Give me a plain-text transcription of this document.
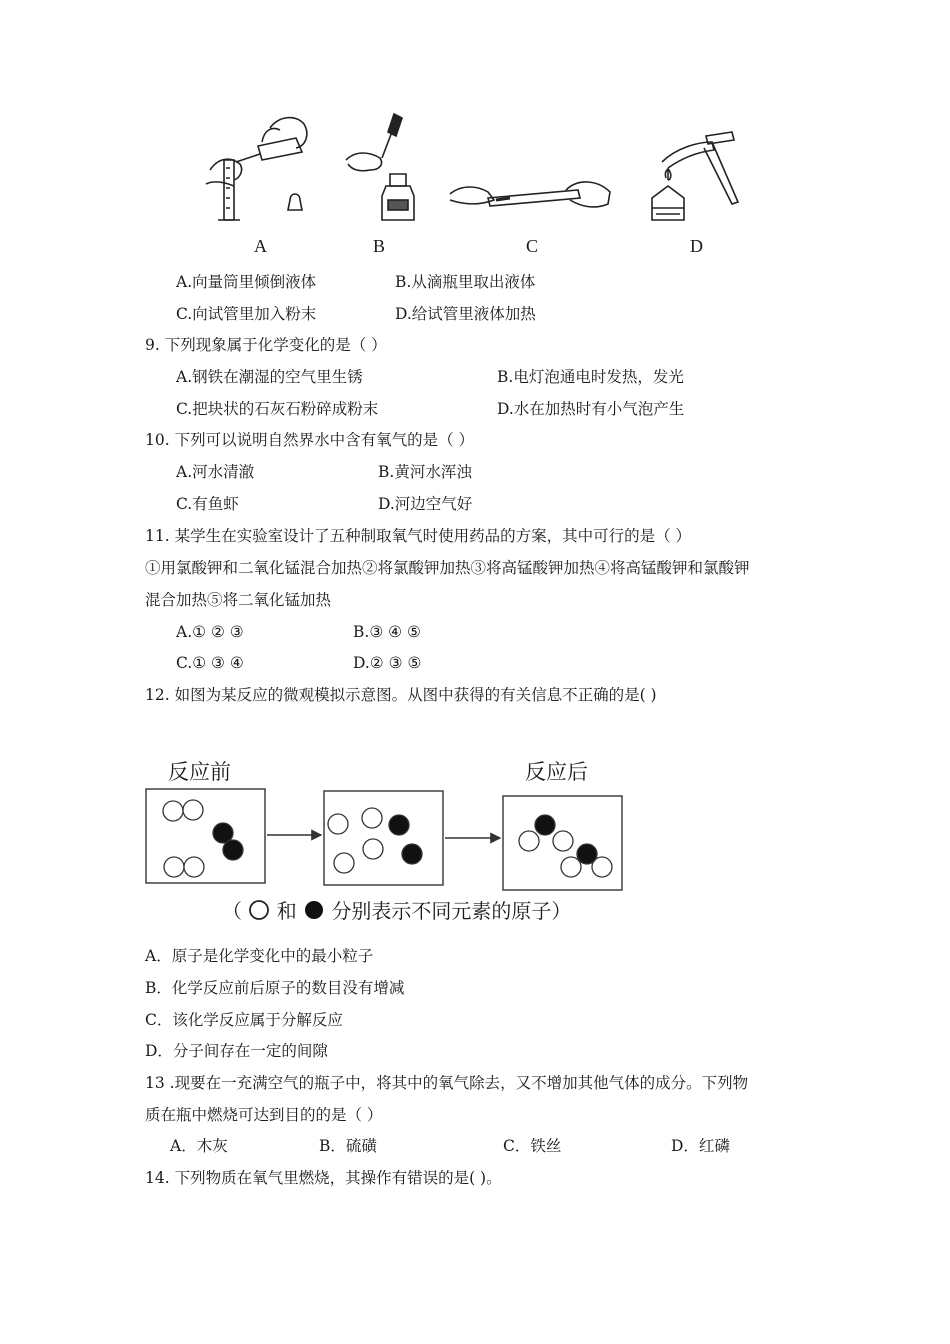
A	B	C	D
A.向量筒里倾倒液体	B.从滴瓶里取出液体
C.向试管里加入粉末	D.给试管里液体加热
9. 下列现象属于化学变化的是（ ）
A.钢铁在潮湿的空气里生锈	B.电灯泡通电时发热，发光
C.把块状的石灰石粉碎成粉末	D.水在加热时有小气泡产生
10. 下列可以说明自然界水中含有氧气的是（ ）
A.河水清澈	B.黄河水浑浊
C.有鱼虾	D.河边空气好
11. 某学生在实验室设计了五种制取氧气时使用药品的方案，其中可行的是（ ）
①用氯酸钾和二氧化锰混合加热②将氯酸钾加热③将高锰酸钾加热④将高锰酸钾和氯酸钾
混合加热⑤将二氧化锰加热
A.① ② ③	B.③ ④ ⑤
C.① ③ ④	D.② ③ ⑤
12. 如图为某反应的微观模拟示意图。从图中获得的有关信息不正确的是( )
反应前	反应后
（ 和 分别表示不同元素的原子）
A．原子是化学变化中的最小粒子
B．化学反应前后原子的数目没有增减
C．该化学反应属于分解反应
D．分子间存在一定的间隙
13 .现要在一充满空气的瓶子中，将其中的氧气除去，又不增加其他气体的成分。下列物
质在瓶中燃烧可达到目的的是（ ）
A．木灰	B．硫磺	C．铁丝	D．红磷
14. 下列物质在氧气里燃烧，其操作有错误的是( )。
